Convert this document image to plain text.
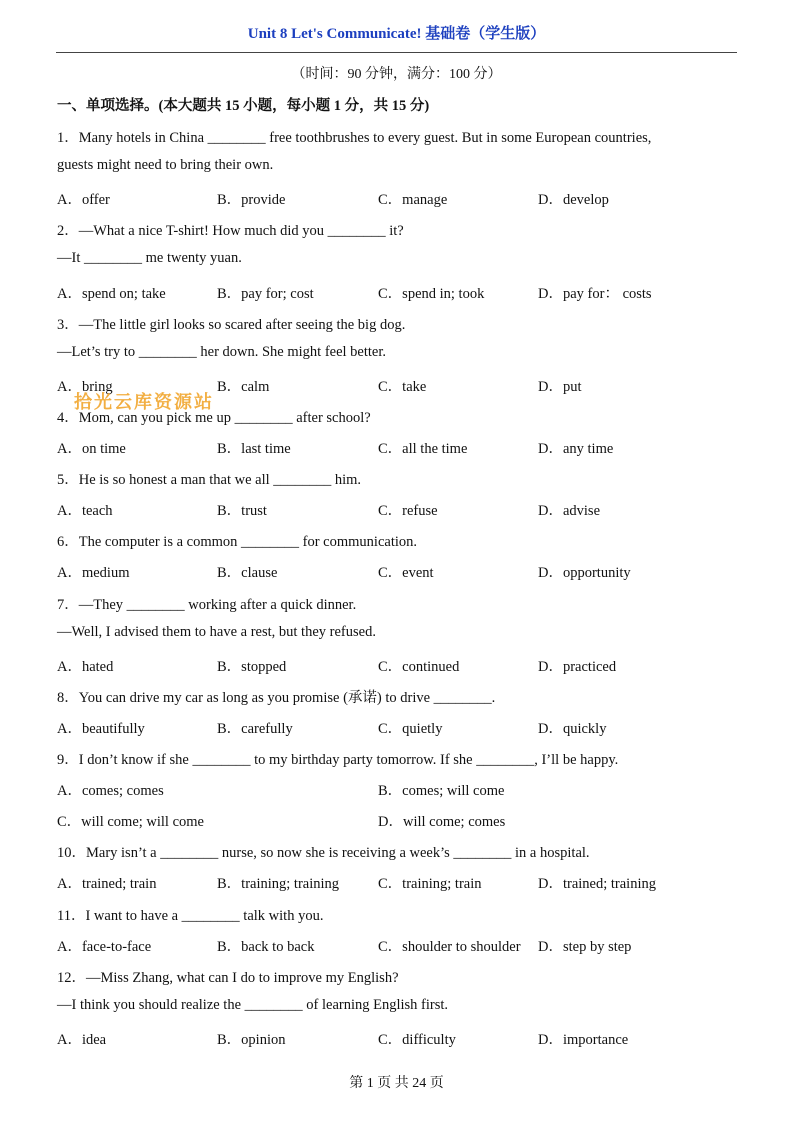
Unit 8 Let's Communicate! 基础卷（学生版）
（时间：90 分钟，满分：100 分）
一、单项选择。(本大题共 15 小题，每小题 1 分，共 15 分)
1．Many hotels in China ________ free toothbrushes to every guest. But in some European countries,
guests might need to bring their own.
A．offer	B．provide	C．manage	D．develop
2．—What a nice T-shirt! How much did you ________ it?
—It ________ me twenty yuan.
A．spend on; take	B．pay for; cost	C．spend in; took	D．pay for： costs
3．—The little girl looks so scared after seeing the big dog.
—Let’s try to ________ her down. She might feel better.
A．bring	B．calm	C．take	D．put
4．Mom, can you pick me up ________ after school?
A．on time	B．last time	C．all the time	D．any time
5．He is so honest a man that we all ________ him.
A．teach	B．trust	C．refuse	D．advise
6．The computer is a common ________ for communication.
A．medium	B．clause	C．event	D．opportunity
7．—They ________ working after a quick dinner.
—Well, I advised them to have a rest, but they refused.
A．hated	B．stopped	C．continued	D．practiced
8．You can drive my car as long as you promise (承诺) to drive ________.
A．beautifully	B．carefully	C．quietly	D．quickly
9．I don’t know if she ________ to my birthday party tomorrow. If she ________, I’ll be happy.
A．comes; comes	B．comes; will come
C．will come; will come	D．will come; comes
10．Mary isn’t a ________ nurse, so now she is receiving a week’s ________ in a hospital.
A．trained; train	B．training; training	C．training; train	D．trained; training
11．I want to have a ________ talk with you.
A．face-to-face	B．back to back	C．shoulder to shoulder D．step by step
12．—Miss Zhang, what can I do to improve my English?
—I think you should realize the ________ of learning English first.
A．idea	B．opinion	C．difficulty	D．importance
拾光云库资源站
第 1 页 共 24 页
